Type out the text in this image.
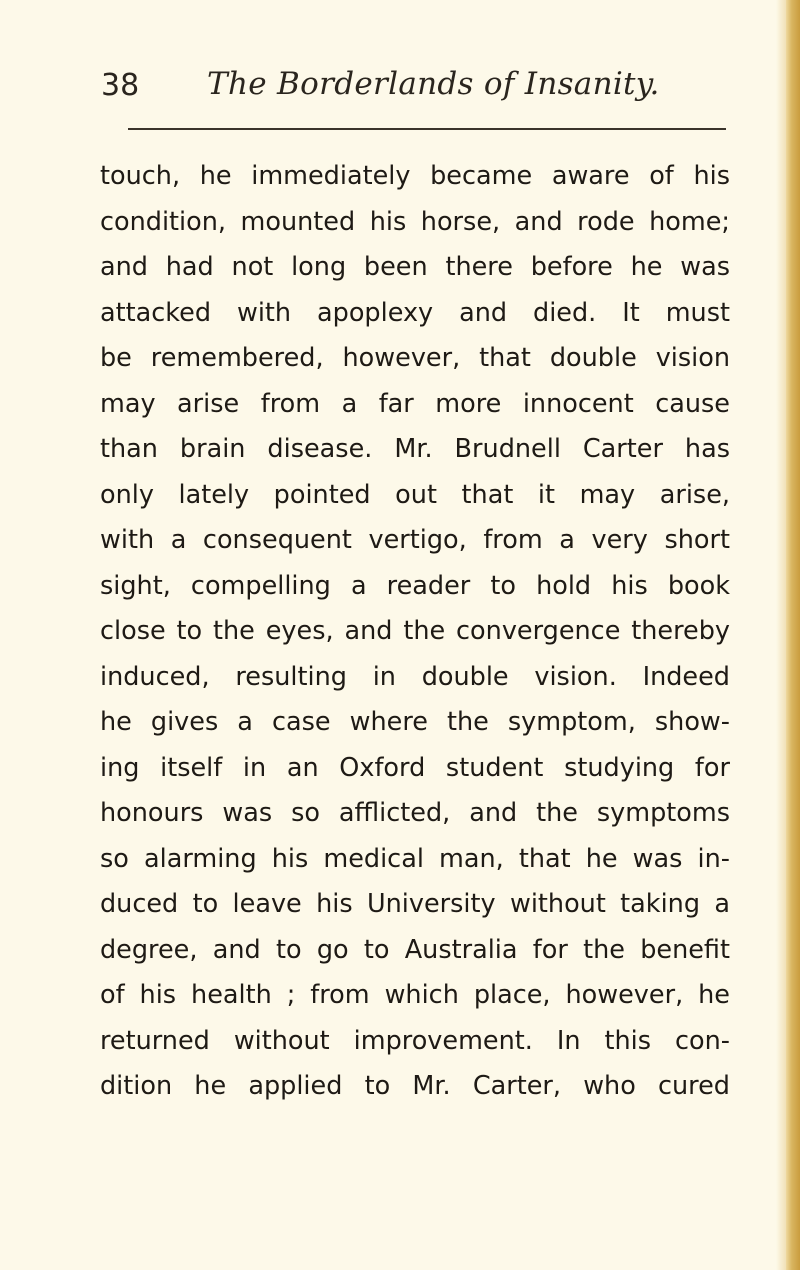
38 The Borderlands of Insanity.
touch, he immediately became aware of his
condition, mounted his horse, and rode home;
and had not long been there before he was
attacked with apoplexy and died. It must
be remembered, however, that double vision
may arise from a far more innocent cause
than brain disease. Mr. Brudnell Carter has
only lately pointed out that it may arise,
with a consequent vertigo, from a very short
sight, compelling a reader to hold his book
close to the eyes, and the convergence thereby
induced, resulting in double vision. Indeed
he gives a case where the symptom, show-
ing itself in an Oxford student studying for
honours was so afflicted, and the symptoms
so alarming his medical man, that he was in-
duced to leave his University without taking a
degree, and to go to Australia for the benefit
of his health ; from which place, however, he
returned without improvement. In this con-
dition he applied to Mr. Carter, who cured
